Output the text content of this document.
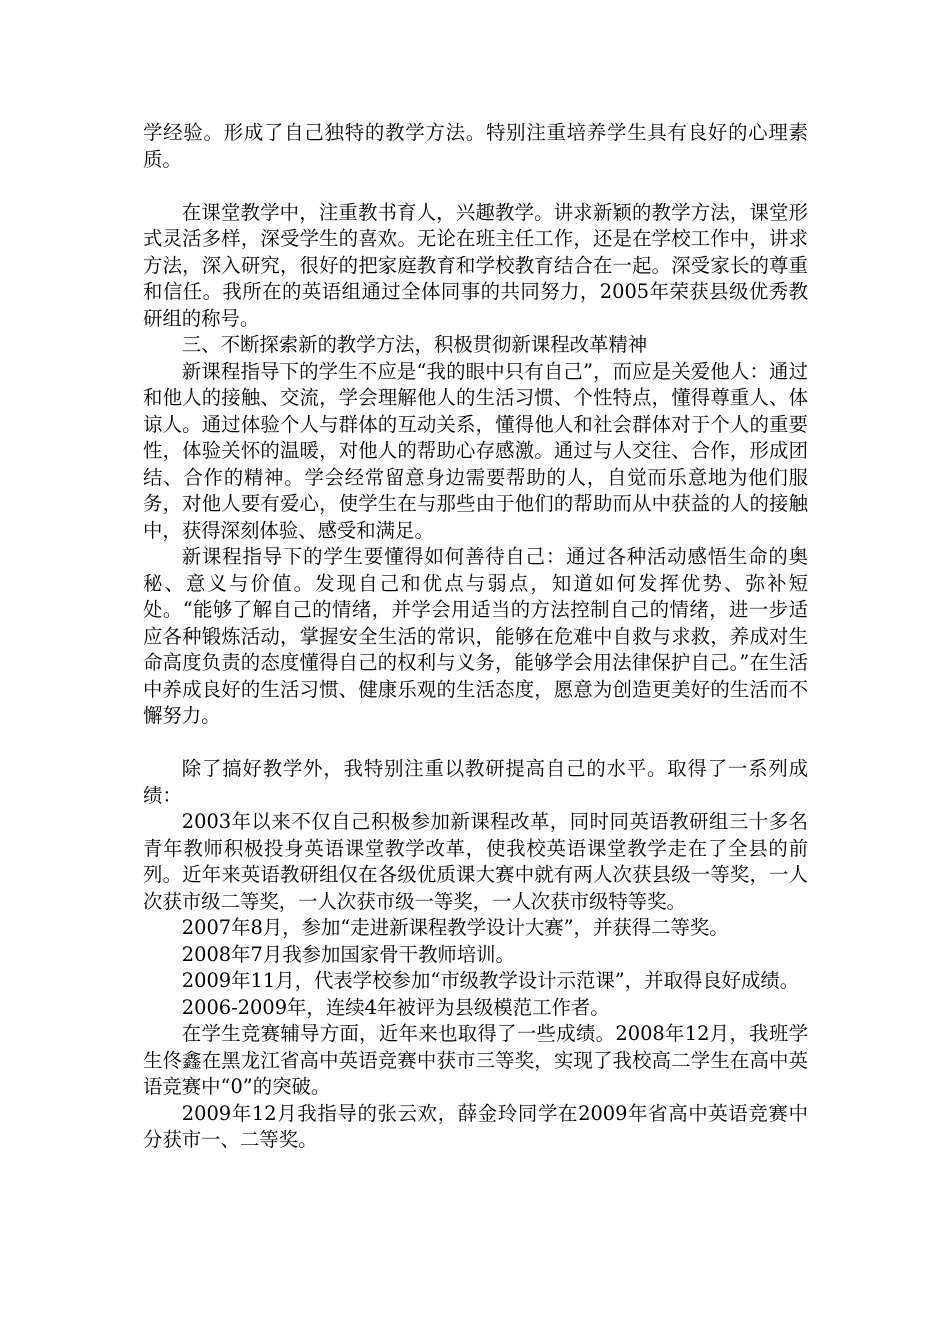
学经验。形成了自己独特的教学方法。特别注重培养学生具有良好的心理素质。

在课堂教学中，注重教书育人，兴趣教学。讲求新颖的教学方法，课堂形式灵活多样，深受学生的喜欢。无论在班主任工作，还是在学校工作中，讲求方法，深入研究，很好的把家庭教育和学校教育结合在一起。深受家长的尊重和信任。我所在的英语组通过全体同事的共同努力，2005年荣获县级优秀教研组的称号。

三、不断探索新的教学方法，积极贯彻新课程改革精神

新课程指导下的学生不应是“我的眼中只有自己”，而应是关爱他人：通过和他人的接触、交流，学会理解他人的生活习惯、个性特点，懂得尊重人、体谅人。通过体验个人与群体的互动关系，懂得他人和社会群体对于个人的重要性，体验关怀的温暖，对他人的帮助心存感激。通过与人交往、合作，形成团结、合作的精神。学会经常留意身边需要帮助的人，自觉而乐意地为他们服务，对他人要有爱心，使学生在与那些由于他们的帮助而从中获益的人的接触中，获得深刻体验、感受和满足。

新课程指导下的学生要懂得如何善待自己：通过各种活动感悟生命的奥秘、意义与价值。发现自己和优点与弱点，知道如何发挥优势、弥补短处。“能够了解自己的情绪，并学会用适当的方法控制自己的情绪，进一步适应各种锻炼活动，掌握安全生活的常识，能够在危难中自救与求救，养成对生命高度负责的态度懂得自己的权利与义务，能够学会用法律保护自己。”在生活中养成良好的生活习惯、健康乐观的生活态度，愿意为创造更美好的生活而不懈努力。

除了搞好教学外，我特别注重以教研提高自己的水平。取得了一系列成绩：

2003年以来不仅自己积极参加新课程改革，同时同英语教研组三十多名青年教师积极投身英语课堂教学改革，使我校英语课堂教学走在了全县的前列。近年来英语教研组仅在各级优质课大赛中就有两人次获县级一等奖，一人次获市级二等奖，一人次获市级一等奖，一人次获市级特等奖。

2007年8月，参加“走进新课程教学设计大赛”，并获得二等奖。

2008年7月我参加国家骨干教师培训。

2009年11月，代表学校参加“市级教学设计示范课”，并取得良好成绩。

2006-2009年，连续4年被评为县级模范工作者。

在学生竞赛辅导方面，近年来也取得了一些成绩。2008年12月，我班学生佟鑫在黑龙江省高中英语竞赛中获市三等奖，实现了我校高二学生在高中英语竞赛中“0”的突破。

2009年12月我指导的张云欢，薛金玲同学在2009年省高中英语竞赛中分获市一、二等奖。
